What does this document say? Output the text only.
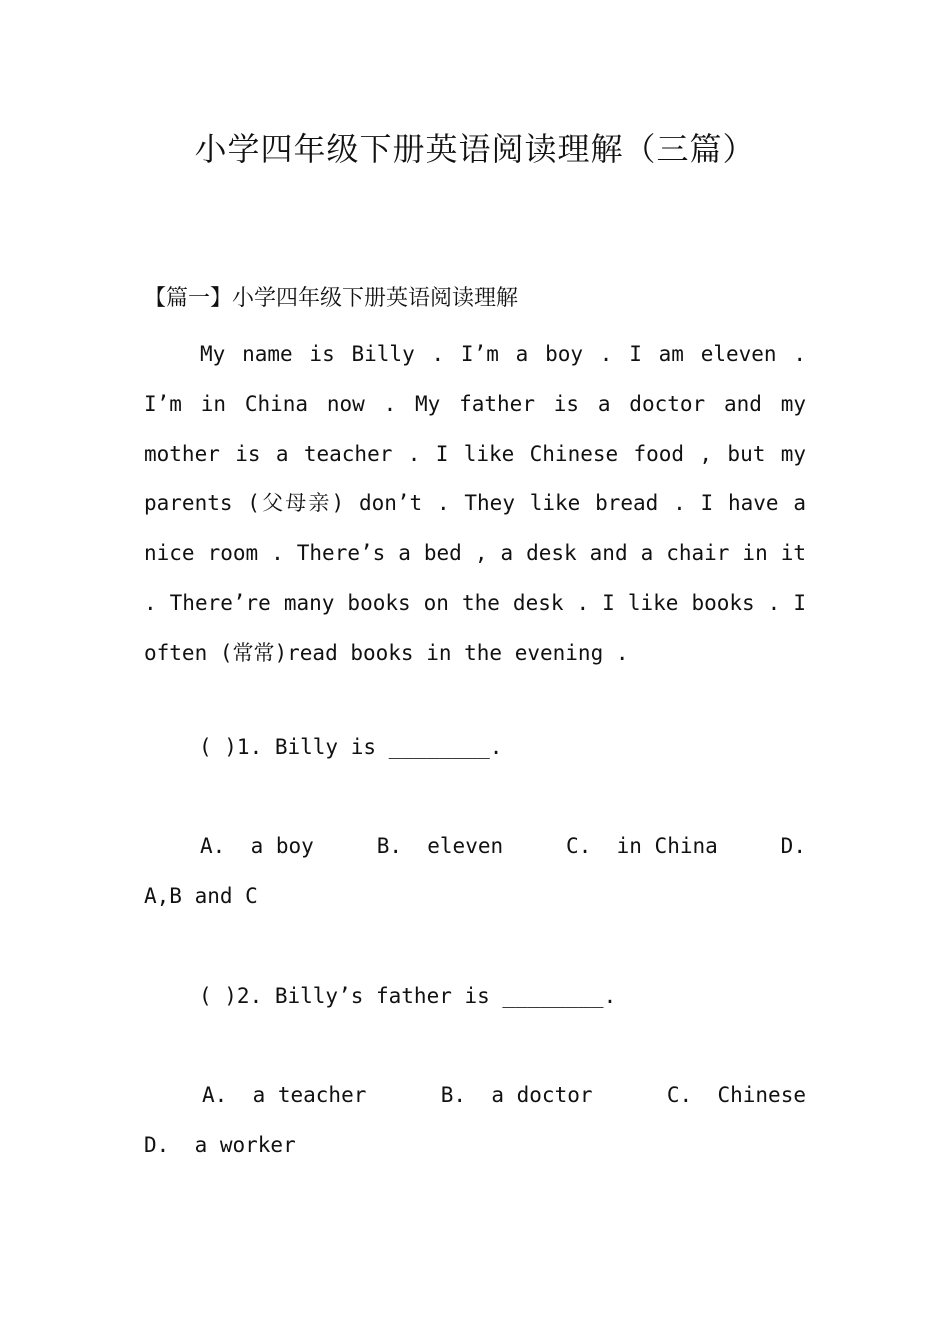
小学四年级下册英语阅读理解（三篇）
【篇一】小学四年级下册英语阅读理解

My name is Billy . I’m a boy . I am eleven . I’m in China now . My father is a doctor and my mother is a teacher . I like Chinese food , but my parents (父母亲) don’t . They like bread . I have a nice room . There’s a bed , a desk and a chair in it . There’re many books on the desk . I like books . I often (常常)read books in the evening .

( )1. Billy is ________.

A.  a boy	B.  eleven	C.  in China	D.
A,B and C

( )2. Billy’s father is ________.

A.  a teacher	B.  a doctor	C.  Chinese
D.  a worker
